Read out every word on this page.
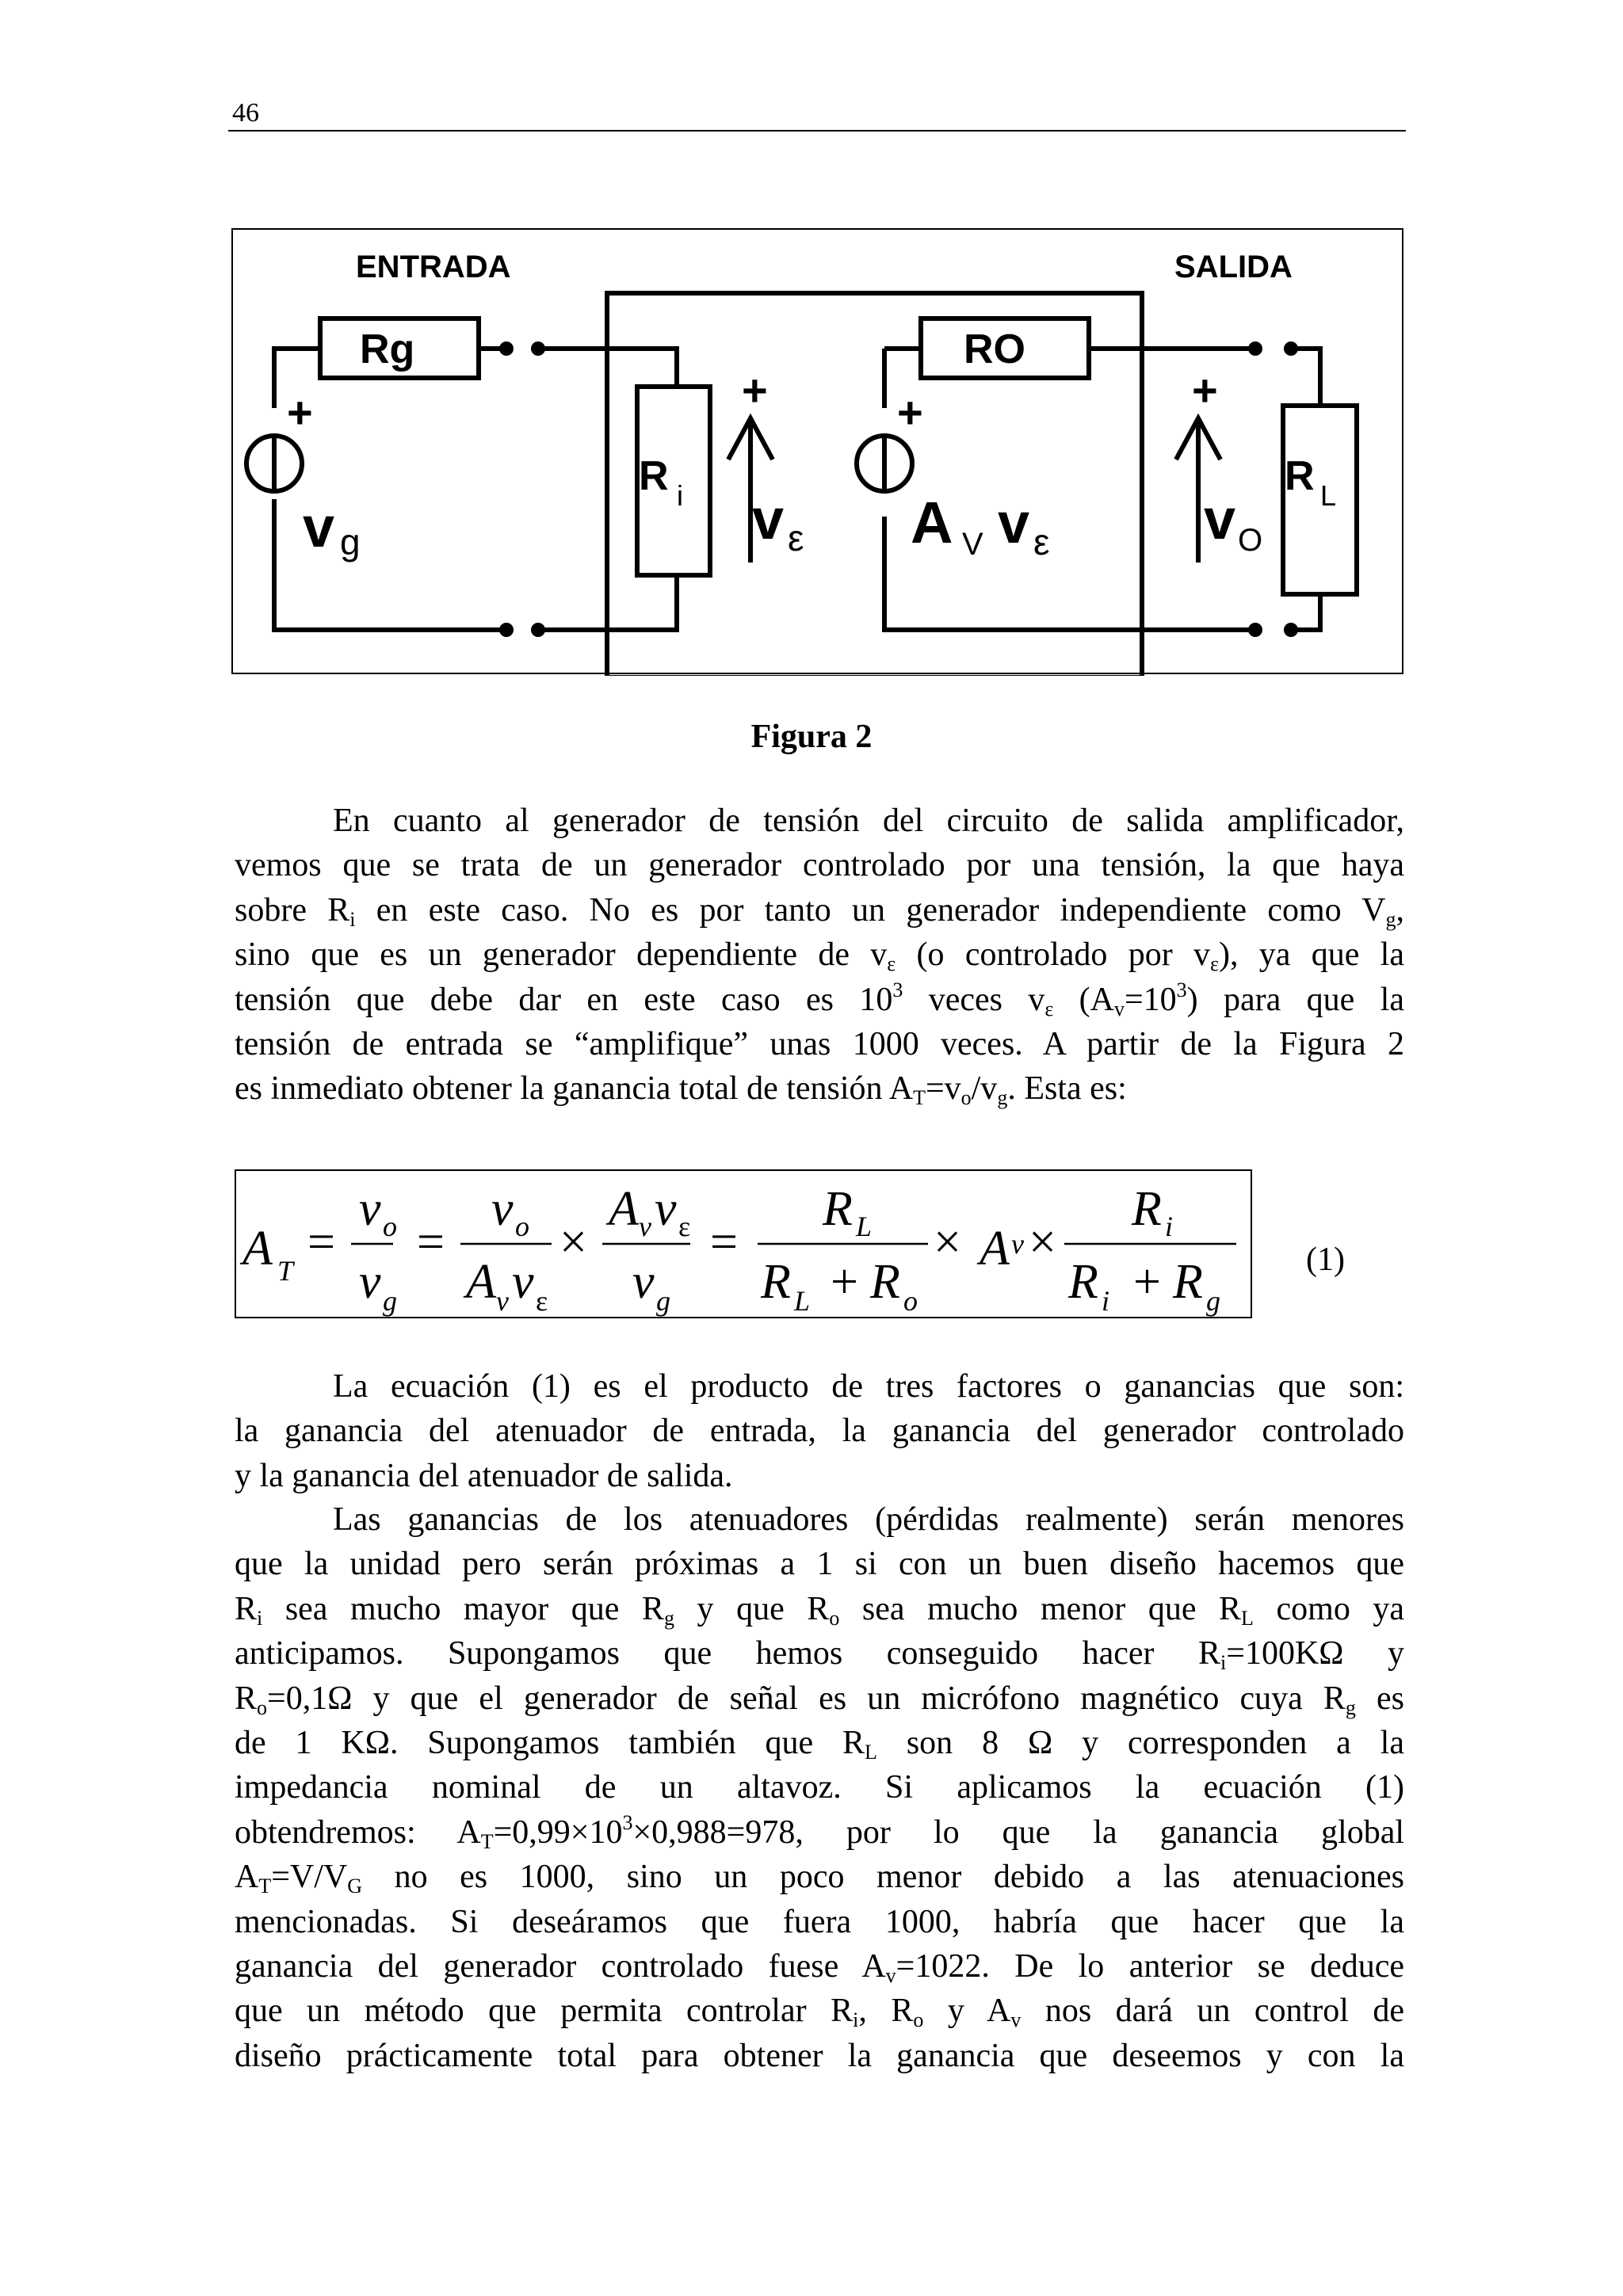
46
ENTRADA	SALIDA
Rg	RO
R i	R L
v g	v ε A V v ε	v O
+	+	+	+
Figura 2
En cuanto al generador de tensión del circuito de salida amplificador,
vemos que se trata de un generador controlado por una tensión, la que haya
sobre $R_i$ en este caso. No es por tanto un generador independiente como $V_g$,
sino que es un generador dependiente de $v_\varepsilon$ (o controlado por $v_\varepsilon$), ya que la
tensión que debe dar en este caso es $10^3$ veces $v_\varepsilon$ $(A_v=10^3)$ para que la
tensión de entrada se “amplifique” unas 1000 veces. A partir de la Figura 2
es inmediato obtener la ganancia total de tensión $A_T=v_o/v_g$. Esta es:
A T
=
v o
v g
=
v o
A v v ε
×
A v v ε
v g
=
R L
R L + R o
× A v ×
R i
R i + R g
(1)
La ecuación (1) es el producto de tres factores o ganancias que son:
la ganancia del atenuador de entrada, la ganancia del generador controlado
y la ganancia del atenuador de salida.
Las ganancias de los atenuadores (pérdidas realmente) serán menores
que la unidad pero serán próximas a 1 si con un buen diseño hacemos que
$R_i$ sea mucho mayor que $R_g$ y que $R_o$ sea mucho menor que $R_L$ como ya
anticipamos. Supongamos que hemos conseguido hacer $R_i=100K\Omega$ y
$R_o=0,1\Omega$ y que el generador de señal es un micrófono magnético cuya $R_g$ es
de 1 KΩ. Supongamos también que $R_L$ son 8 Ω y corresponden a la
impedancia nominal de un altavoz. Si aplicamos la ecuación (1)
obtendremos: $A_T=0,99\times 10^3\times 0,988=978$, por lo que la ganancia global
$A_T=V/V_G$ no es 1000, sino un poco menor debido a las atenuaciones
mencionadas. Si deseáramos que fuera 1000, habría que hacer que la
ganancia del generador controlado fuese $A_v=1022$. De lo anterior se deduce
que un método que permita controlar $R_i$, $R_o$ y $A_v$ nos dará un control de
diseño prácticamente total para obtener la ganancia que deseemos y con la
